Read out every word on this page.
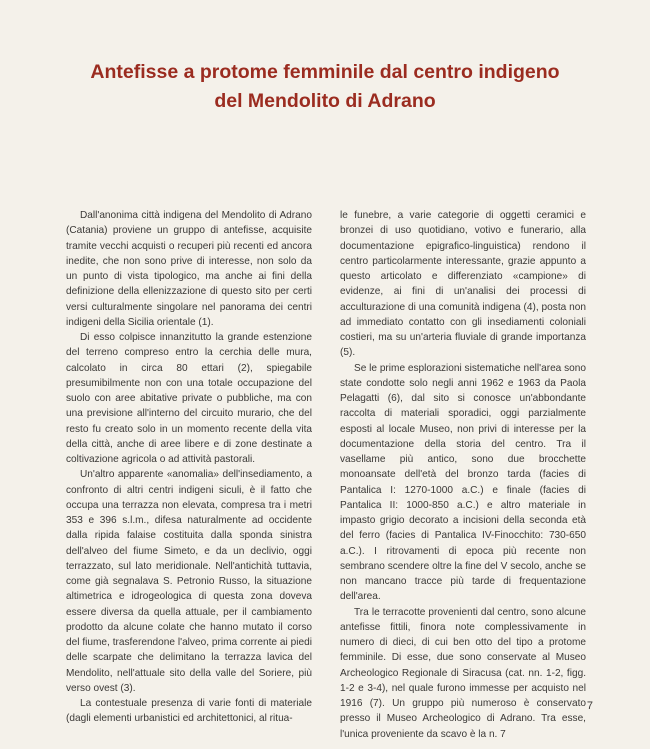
Antefisse a protome femminile dal centro indigeno
del Mendolito di Adrano

Dall'anonima città indigena del Mendolito di Adrano (Catania) proviene un gruppo di antefisse, acquisite tramite vecchi acquisti o recuperi più recenti ed ancora inedite, che non sono prive di interesse, non solo da un punto di vista tipologico, ma anche ai fini della definizione della ellenizzazione di questo sito per certi versi culturalmente singolare nel panorama dei centri indigeni della Sicilia orientale (1).

Di esso colpisce innanzitutto la grande estenzione del terreno compreso entro la cerchia delle mura, calcolato in circa 80 ettari (2), spiegabile presumibilmente non con una totale occupazione del suolo con aree abitative private o pubbliche, ma con una previsione all'interno del circuito murario, che del resto fu creato solo in un momento recente della vita della città, anche di aree libere e di zone destinate a coltivazione agricola o ad attività pastorali.

Un'altro apparente «anomalia» dell'insediamento, a confronto di altri centri indigeni siculi, è il fatto che occupa una terrazza non elevata, compresa tra i metri 353 e 396 s.l.m., difesa naturalmente ad occidente dalla ripida falaise costituita dalla sponda sinistra dell'alveo del fiume Simeto, e da un declivio, oggi terrazzato, sul lato meridionale. Nell'antichità tuttavia, come già segnalava S. Petronio Russo, la situazione altimetrica e idrogeologica di questa zona doveva essere diversa da quella attuale, per il cambiamento prodotto da alcune colate che hanno mutato il corso del fiume, trasferendone l'alveo, prima corrente ai piedi delle scarpate che delimitano la terrazza lavica del Mendolito, nell'attuale sito della valle del Soriere, più verso ovest (3).

La contestuale presenza di varie fonti di materiale (dagli elementi urbanistici ed architettonici, al ritua-

le funebre, a varie categorie di oggetti ceramici e bronzei di uso quotidiano, votivo e funerario, alla documentazione epigrafico-linguistica) rendono il centro particolarmente interessante, grazie appunto a questo articolato e differenziato «campione» di evidenze, ai fini di un'analisi dei processi di acculturazione di una comunità indigena (4), posta non ad immediato contatto con gli insediamenti coloniali costieri, ma su un'arteria fluviale di grande importanza (5).

Se le prime esplorazioni sistematiche nell'area sono state condotte solo negli anni 1962 e 1963 da Paola Pelagatti (6), dal sito si conosce un'abbondante raccolta di materiali sporadici, oggi parzialmente esposti al locale Museo, non privi di interesse per la documentazione della storia del centro. Tra il vasellame più antico, sono due brocchette monoansate dell'età del bronzo tarda (facies di Pantalica I: 1270-1000 a.C.) e finale (facies di Pantalica II: 1000-850 a.C.) e altro materiale in impasto grigio decorato a incisioni della seconda età del ferro (facies di Pantalica IV-Finocchito: 730-650 a.C.). I ritrovamenti di epoca più recente non sembrano scendere oltre la fine del V secolo, anche se non mancano tracce più tarde di frequentazione dell'area.

Tra le terracotte provenienti dal centro, sono alcune antefisse fittili, finora note complessivamente in numero di dieci, di cui ben otto del tipo a protome femminile. Di esse, due sono conservate al Museo Archeologico Regionale di Siracusa (cat. nn. 1-2, figg. 1-2 e 3-4), nel quale furono immesse per acquisto nel 1916 (7). Un gruppo più numeroso è conservato presso il Museo Archeologico di Adrano. Tra esse, l'unica proveniente da scavo è la n. 7

7
